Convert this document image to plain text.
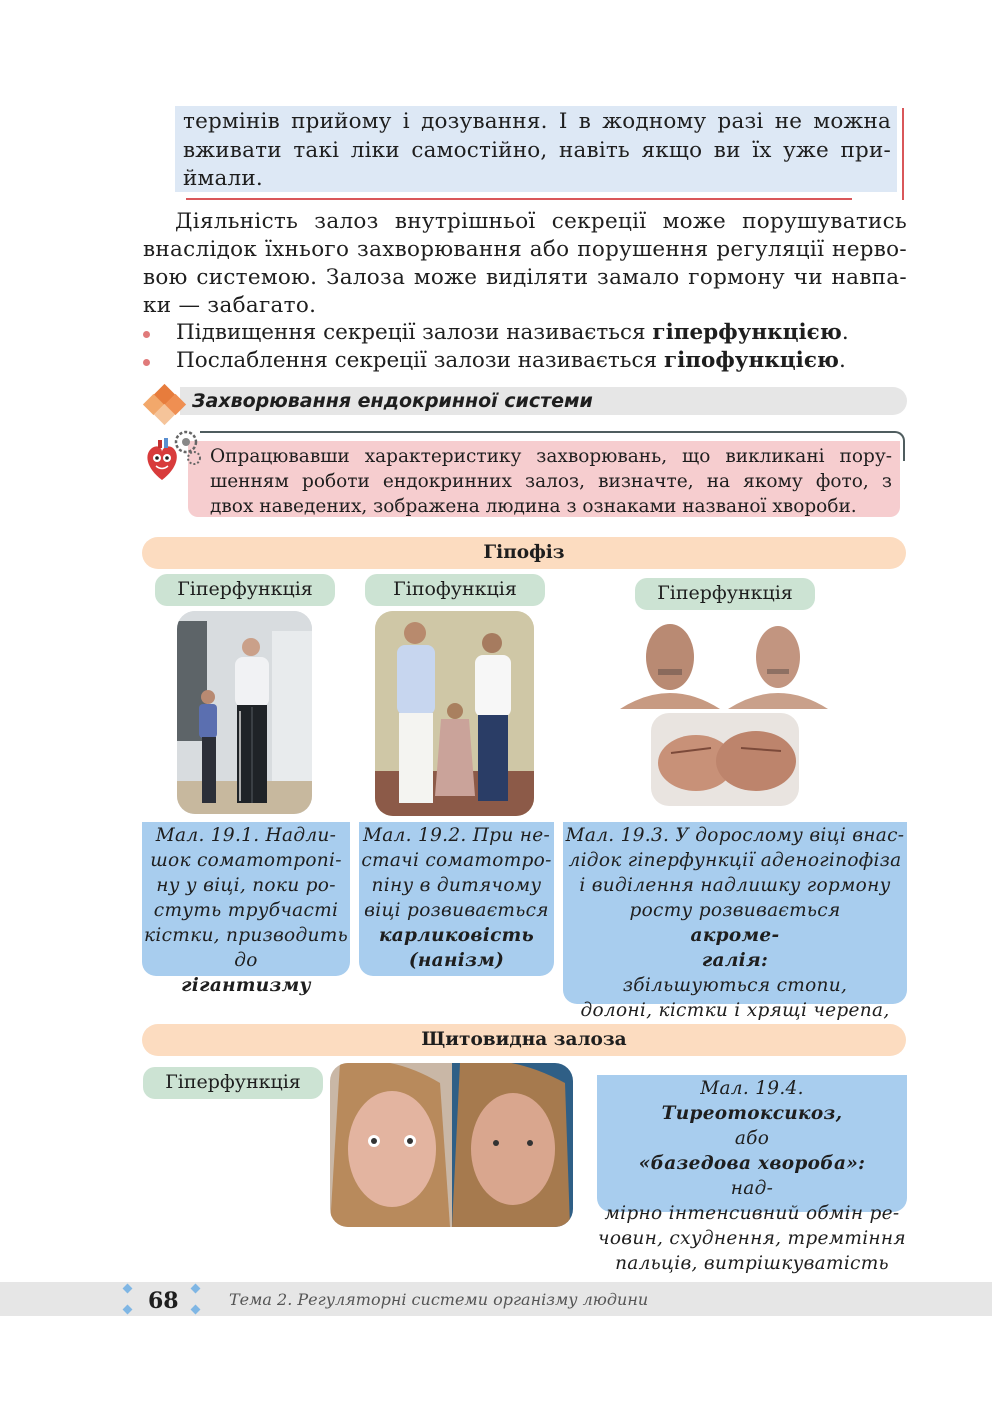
термінів прийому і дозування. І в жодному разі не можна
вживати такі ліки самостійно, навіть якщо ви їх уже при-
ймали.
Діяльність залоз внутрішньої секреції може порушуватись
внаслідок їхнього захворювання або порушення регуляції нерво-
вою системою. Залоза може виділяти замало гормону чи навпа-
ки — забагато.
Підвищення секреції залози називається гіперфункцією.
Послаблення секреції залози називається гіпофункцією.
Захворювання ендокринної системи
Опрацювавши характеристику захворювань, що викликані пору-
шенням роботи ендокринних залоз, визначте, на якому фото, з
двох наведених, зображена людина з ознаками названої хвороби.
Гіпофіз
Гіперфункція	Гіпофункція	Гіперфункція
Мал. 19.1. Надли-
шок соматотропі-
ну у віці, поки ро-
стуть трубчасті
кістки, призводить
до
гігантизму
Мал. 19.2. При не-
стачі соматотро-
піну в дитячому
віці розвивається
карликовість
(нанізм)
Мал. 19.3. У дорослому віці внас-
лідок гіперфункції аденогіпофіза
і виділення надлишку гормону
росту розвивається
акроме-
галія:
збільшуються стопи,
долоні, кістки і хрящі черепа,
Щитовидна залоза
Гіперфункція	Мал. 19.4.
Тиреотоксикоз,
або
«базедова хвороба»:
над-
мірно інтенсивний обмін ре-
човин, схуднення, тремтіння
пальців, витрішкуватість
68	Тема 2. Регуляторні системи організму людини
